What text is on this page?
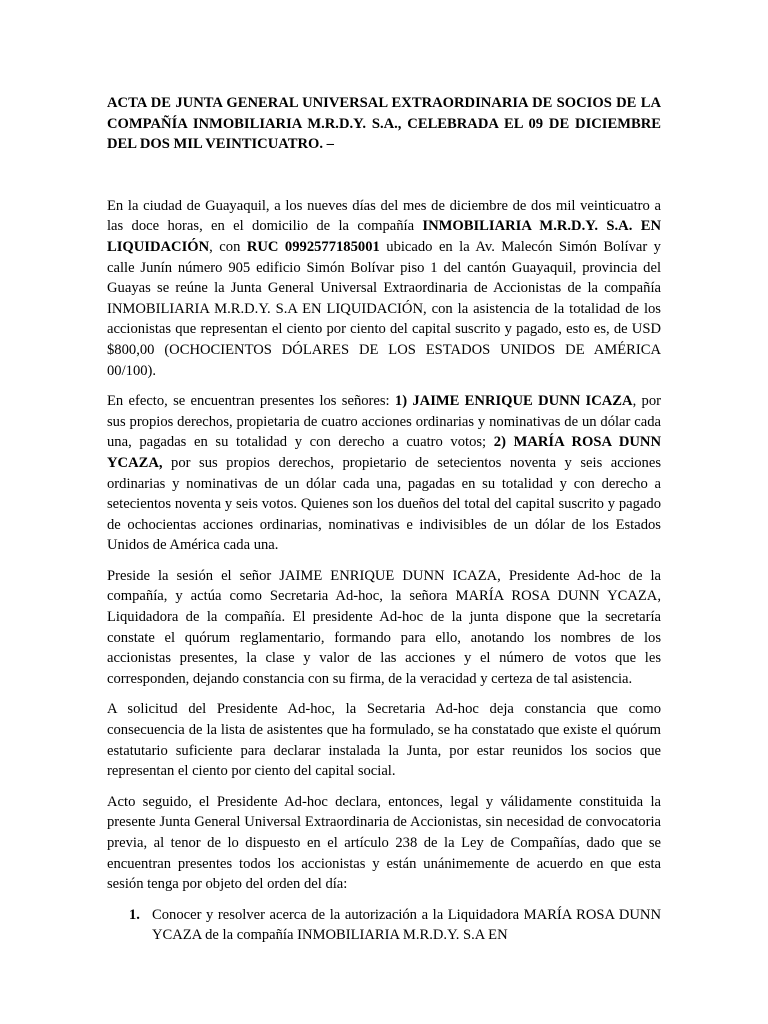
ACTA DE JUNTA GENERAL UNIVERSAL EXTRAORDINARIA DE SOCIOS DE LA COMPAÑÍA INMOBILIARIA M.R.D.Y. S.A., CELEBRADA EL 09 DE DICIEMBRE DEL DOS MIL VEINTICUATRO. –

En la ciudad de Guayaquil, a los nueves días del mes de diciembre de dos mil veinticuatro a las doce horas, en el domicilio de la compañía INMOBILIARIA M.R.D.Y. S.A. EN LIQUIDACIÓN, con RUC 0992577185001 ubicado en la Av. Malecón Simón Bolívar y calle Junín número 905 edificio Simón Bolívar piso 1 del cantón Guayaquil, provincia del Guayas se reúne la Junta General Universal Extraordinaria de Accionistas de la compañía INMOBILIARIA M.R.D.Y. S.A EN LIQUIDACIÓN, con la asistencia de la totalidad de los accionistas que representan el ciento por ciento del capital suscrito y pagado, esto es, de USD $800,00 (OCHOCIENTOS DÓLARES DE LOS ESTADOS UNIDOS DE AMÉRICA 00/100).

En efecto, se encuentran presentes los señores: 1) JAIME ENRIQUE DUNN ICAZA, por sus propios derechos, propietaria de cuatro acciones ordinarias y nominativas de un dólar cada una, pagadas en su totalidad y con derecho a cuatro votos; 2) MARÍA ROSA DUNN YCAZA, por sus propios derechos, propietario de setecientos noventa y seis acciones ordinarias y nominativas de un dólar cada una, pagadas en su totalidad y con derecho a setecientos noventa y seis votos. Quienes son los dueños del total del capital suscrito y pagado de ochocientas acciones ordinarias, nominativas e indivisibles de un dólar de los Estados Unidos de América cada una.

Preside la sesión el señor JAIME ENRIQUE DUNN ICAZA, Presidente Ad-hoc de la compañía, y actúa como Secretaria Ad-hoc, la señora MARÍA ROSA DUNN YCAZA, Liquidadora de la compañía. El presidente Ad-hoc de la junta dispone que la secretaría constate el quórum reglamentario, formando para ello, anotando los nombres de los accionistas presentes, la clase y valor de las acciones y el número de votos que les corresponden, dejando constancia con su firma, de la veracidad y certeza de tal asistencia.

A solicitud del Presidente Ad-hoc, la Secretaria Ad-hoc deja constancia que como consecuencia de la lista de asistentes que ha formulado, se ha constatado que existe el quórum estatutario suficiente para declarar instalada la Junta, por estar reunidos los socios que representan el ciento por ciento del capital social.

Acto seguido, el Presidente Ad-hoc declara, entonces, legal y válidamente constituida la presente Junta General Universal Extraordinaria de Accionistas, sin necesidad de convocatoria previa, al tenor de lo dispuesto en el artículo 238 de la Ley de Compañías, dado que se encuentran presentes todos los accionistas y están unánimemente de acuerdo en que esta sesión tenga por objeto del orden del día:

1. Conocer y resolver acerca de la autorización a la Liquidadora MARÍA ROSA DUNN YCAZA de la compañía INMOBILIARIA M.R.D.Y. S.A EN
